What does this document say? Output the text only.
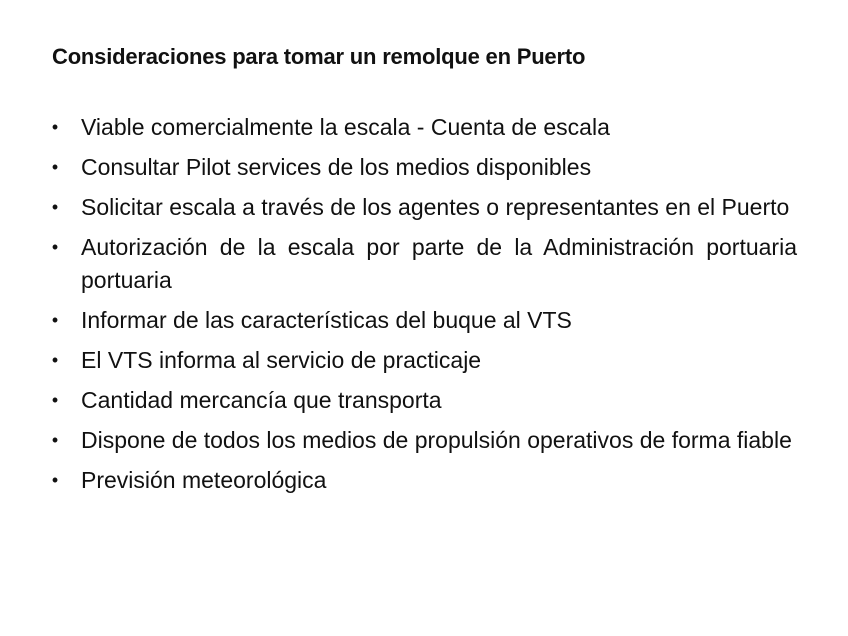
Consideraciones para tomar un remolque en Puerto
• Viable comercialmente la escala - Cuenta de escala
• Consultar Pilot services de los medios disponibles
• Solicitar escala a través de los agentes o representantes en el Puerto
• Autorización de la escala por parte de la Administración portuaria portuaria
• Informar de las características del buque al VTS
• El VTS informa al servicio de practicaje
• Cantidad mercancía que transporta
• Dispone de todos los medios de propulsión operativos de forma fiable
• Previsión meteorológica
